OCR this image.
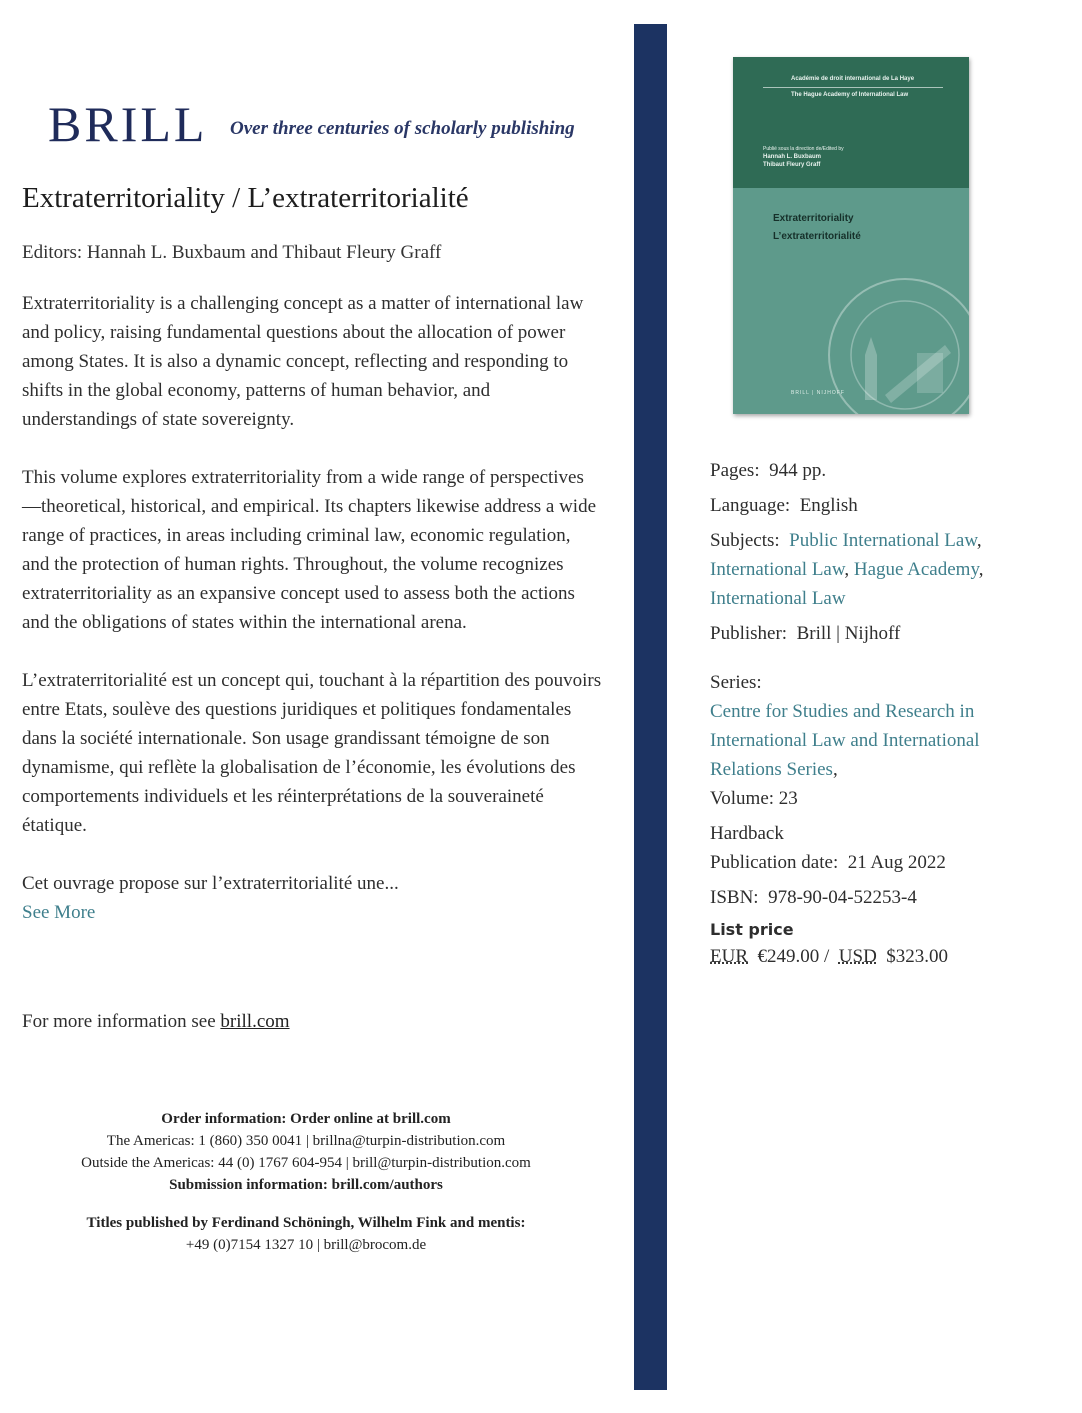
BRILL Over three centuries of scholarly publishing
Extraterritoriality / L’extraterritorialité
Editors: Hannah L. Buxbaum and Thibaut Fleury Graff

Extraterritoriality is a challenging concept as a matter of international law and policy, raising fundamental questions about the allocation of power among States. It is also a dynamic concept, reflecting and responding to shifts in the global economy, patterns of human behavior, and understandings of state sovereignty.

This volume explores extraterritoriality from a wide range of perspectives—theoretical, historical, and empirical. Its chapters likewise address a wide range of practices, in areas including criminal law, economic regulation, and the protection of human rights. Throughout, the volume recognizes extraterritoriality as an expansive concept used to assess both the actions and the obligations of states within the international arena.

L’extraterritorialité est un concept qui, touchant à la répartition des pouvoirs entre Etats, soulève des questions juridiques et politiques fondamentales dans la société internationale. Son usage grandissant témoigne de son dynamisme, qui reflète la globalisation de l’économie, les évolutions des comportements individuels et les réinterprétations de la souveraineté étatique.

Cet ouvrage propose sur l’extraterritorialité une...

See More
For more information see brill.com
Order information: Order online at brill.com
The Americas: 1 (860) 350 0041 | brillna@turpin-distribution.com
Outside the Americas: 44 (0) 1767 604-954 | brill@turpin-distribution.com
Submission information: brill.com/authors
Titles published by Ferdinand Schöningh, Wilhelm Fink and mentis:
+49 (0)7154 1327 10 | brill@brocom.de
Académie de droit international de La Haye
The Hague Academy of International Law
Publié sous la direction de/Edited by
Hannah L. Buxbaum
Thibaut Fleury Graff
Extraterritoriality
L’extraterritorialité
BRILL | NIJHOFF
Pages: 944 pp.
Language: English
Subjects: Public International Law, International Law, Hague Academy, International Law
Publisher: Brill | Nijhoff
Series:
Centre for Studies and Research in International Law and International Relations Series,
Volume: 23
Hardback
Publication date: 21 Aug 2022
ISBN: 978-90-04-52253-4
List price
EUR €249.00 /  USD $323.00
